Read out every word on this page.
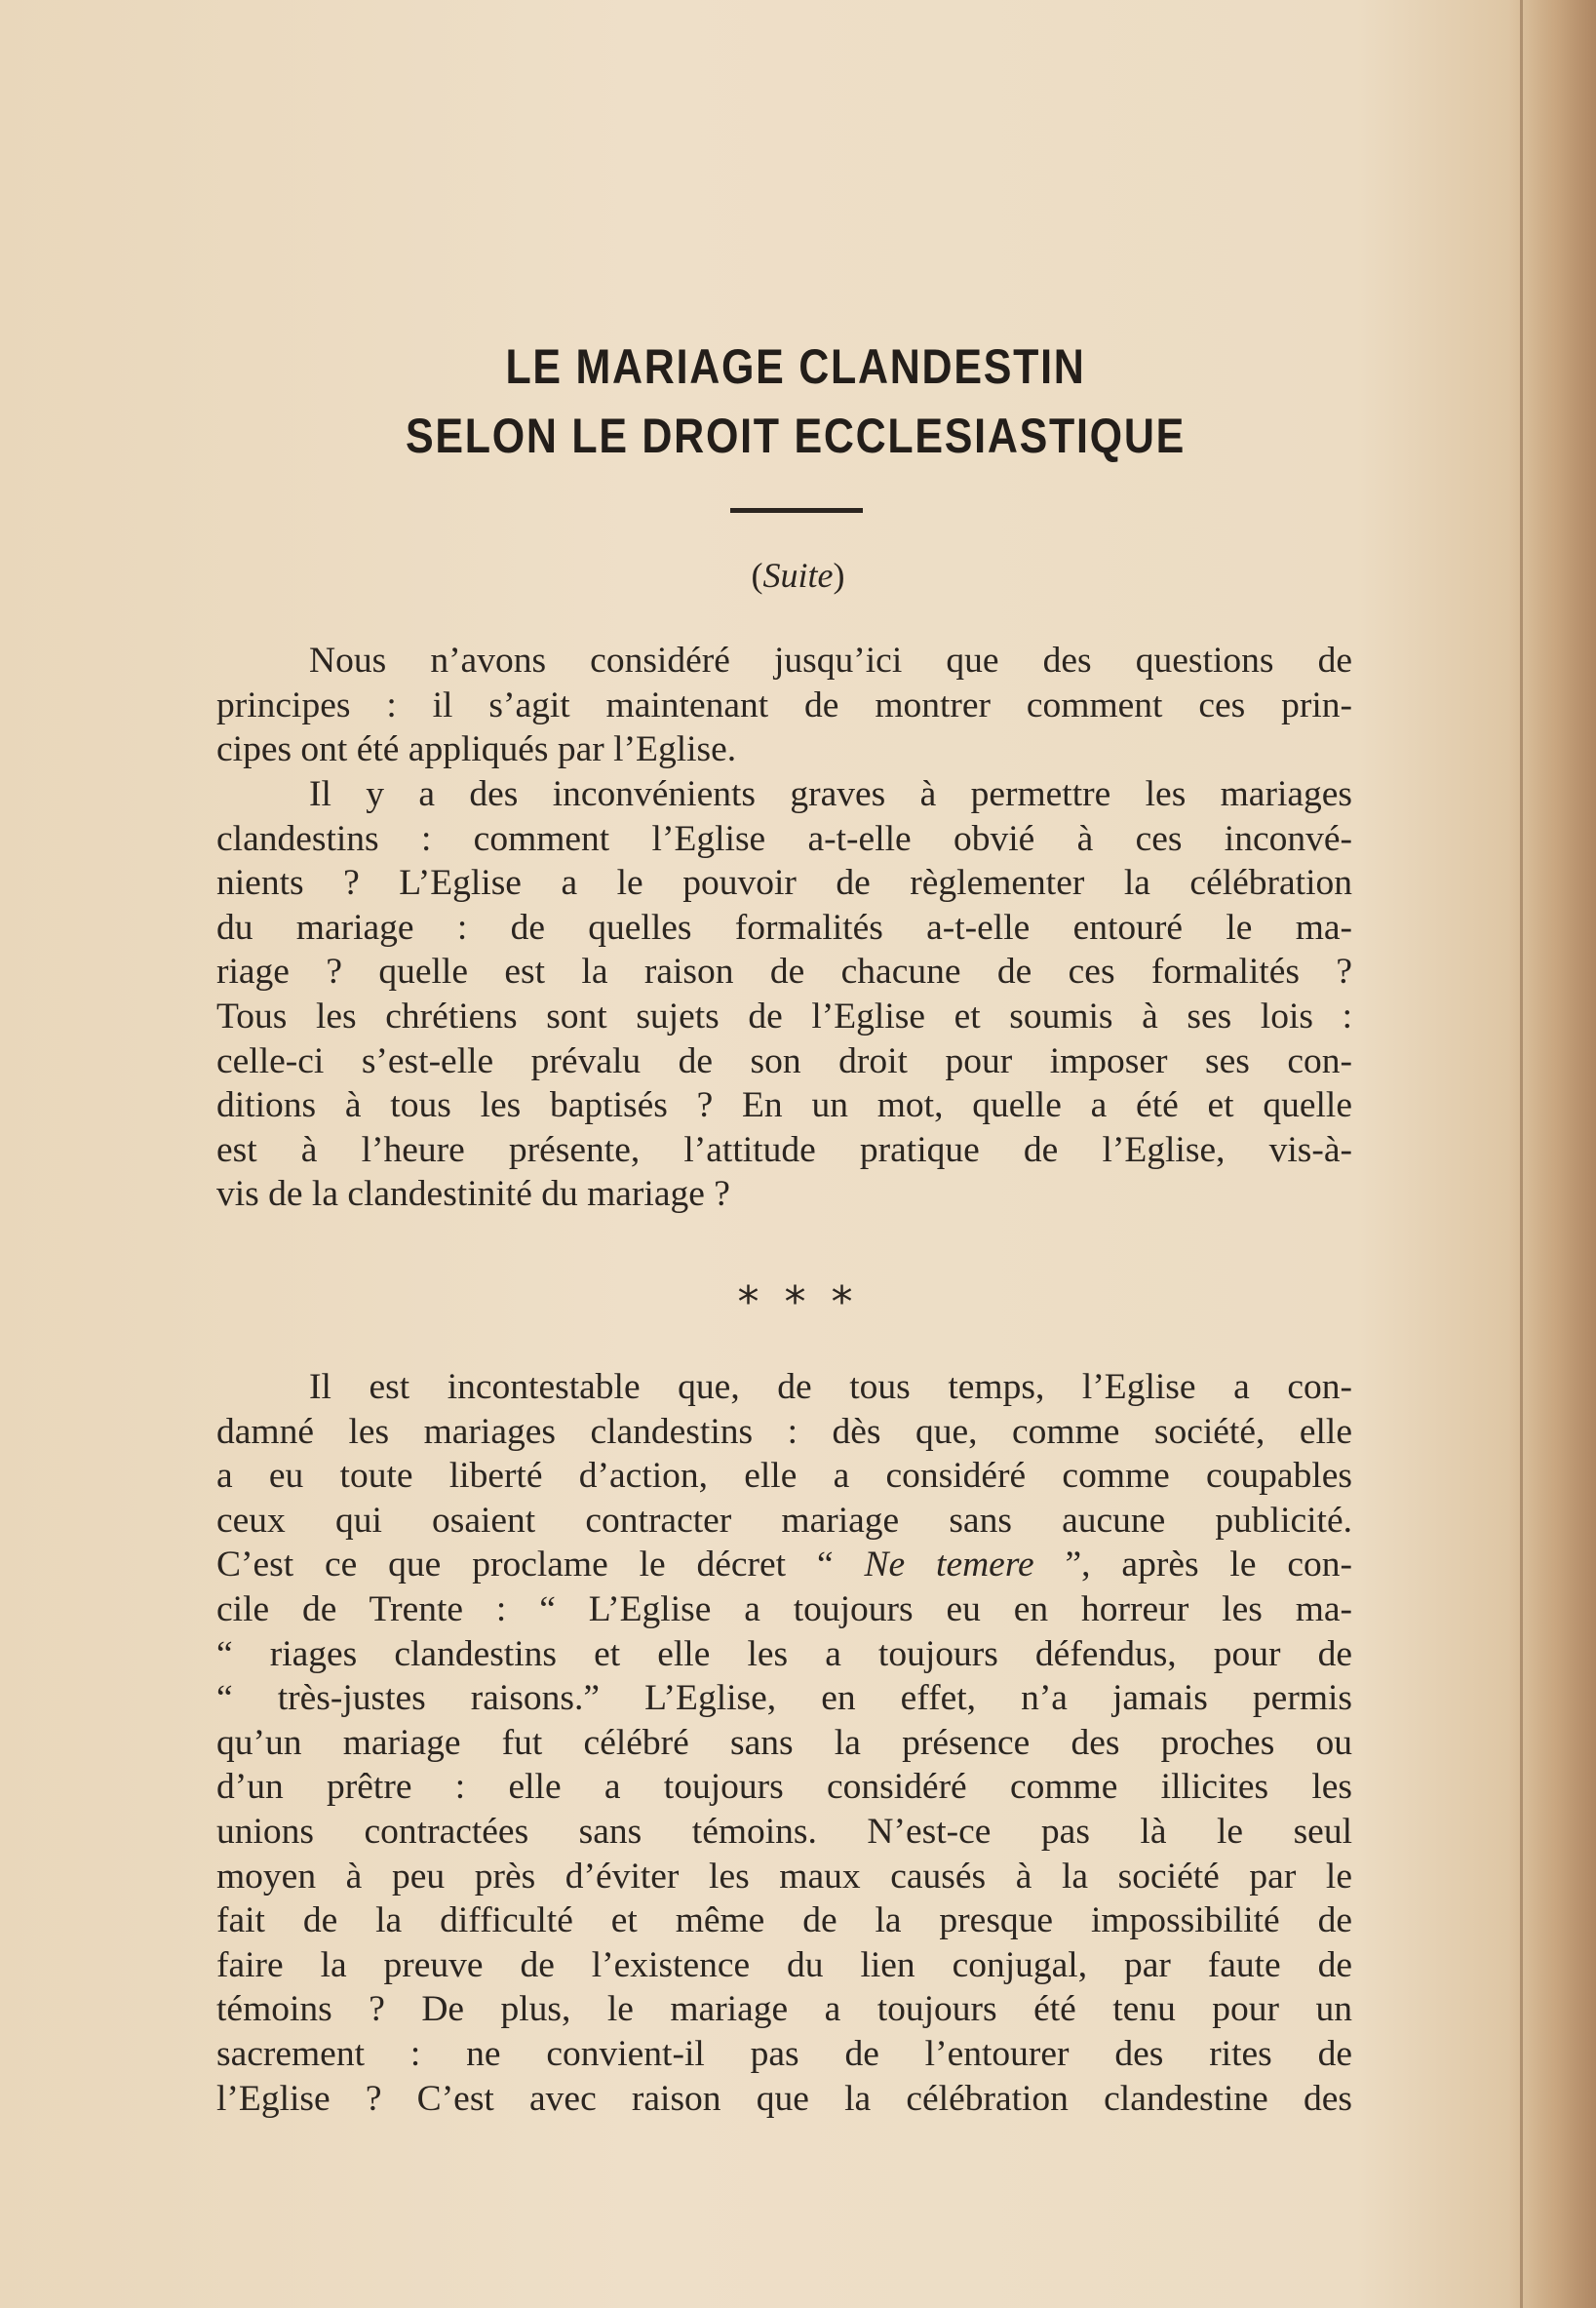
LE MARIAGE CLANDESTIN
SELON LE DROIT ECCLESIASTIQUE
(Suite)
Nous n’avons considéré jusqu’ici que des questions de
principes : il s’agit maintenant de montrer comment ces prin-
cipes ont été appliqués par l’Eglise.
Il y a des inconvénients graves à permettre les mariages
clandestins : comment l’Eglise a-t-elle obvié à ces inconvé-
nients ? L’Eglise a le pouvoir de règlementer la célébration
du mariage : de quelles formalités a-t-elle entouré le ma-
riage ? quelle est la raison de chacune de ces formalités ?
Tous les chrétiens sont sujets de l’Eglise et soumis à ses lois :
celle-ci s’est-elle prévalu de son droit pour imposer ses con-
ditions à tous les baptisés ? En un mot, quelle a été et quelle
est à l’heure présente, l’attitude pratique de l’Eglise, vis-à-
vis de la clandestinité du mariage ?
* * *
Il est incontestable que, de tous temps, l’Eglise a con-
damné les mariages clandestins : dès que, comme société, elle
a eu toute liberté d’action, elle a considéré comme coupables
ceux qui osaient contracter mariage sans aucune publicité.
C’est ce que proclame le décret “ Ne temere ”, après le con-
cile de Trente : “ L’Eglise a toujours eu en horreur les ma-
“ riages clandestins et elle les a toujours défendus, pour de
“ très-justes raisons.” L’Eglise, en effet, n’a jamais permis
qu’un mariage fut célébré sans la présence des proches ou
d’un prêtre : elle a toujours considéré comme illicites les
unions contractées sans témoins. N’est-ce pas là le seul
moyen à peu près d’éviter les maux causés à la société par le
fait de la difficulté et même de la presque impossibilité de
faire la preuve de l’existence du lien conjugal, par faute de
témoins ? De plus, le mariage a toujours été tenu pour un
sacrement : ne convient-il pas de l’entourer des rites de
l’Eglise ? C’est avec raison que la célébration clandestine des
